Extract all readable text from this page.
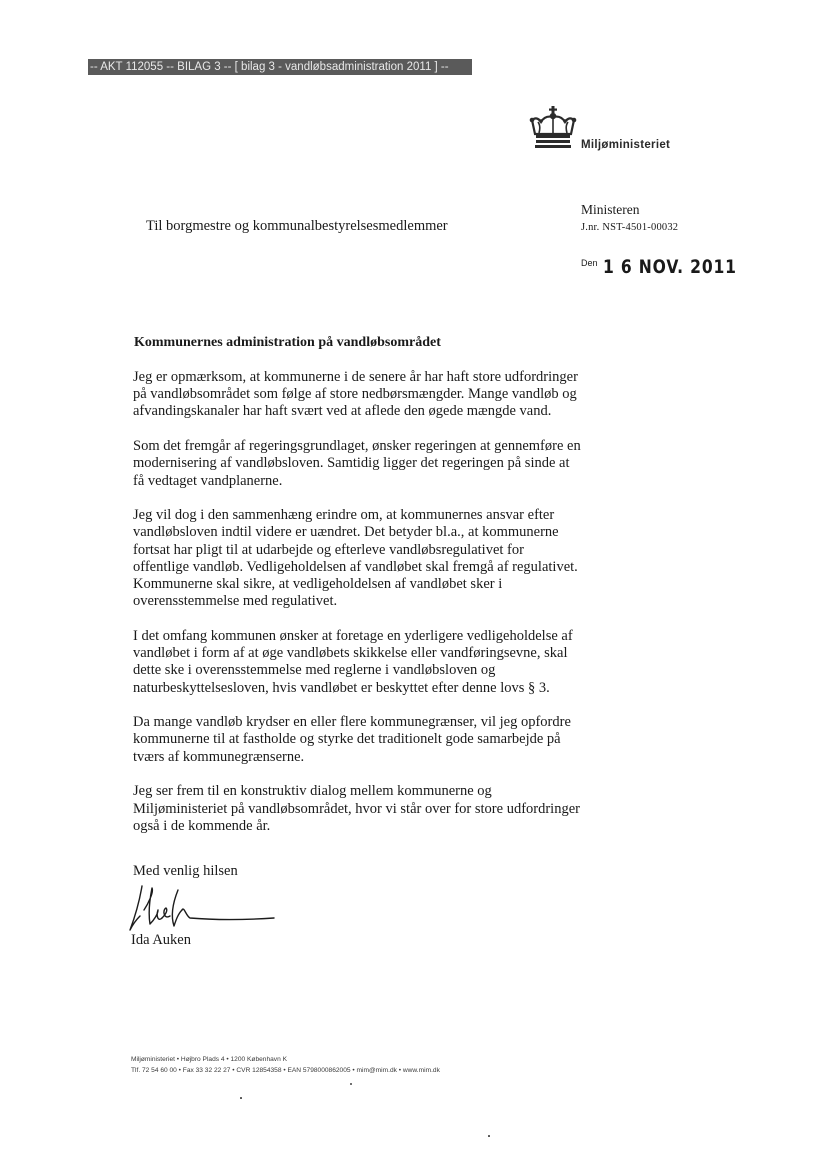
-- AKT 112055 -- BILAG 3 -- [ bilag 3 - vandløbsadministration 2011 ] --
Miljøministeriet
Til borgmestre og kommunalbestyrelsesmedlemmer
Ministeren
J.nr. NST-4501-00032
$^{Den}$ 1 6 NOV. 2011
Kommunernes administration på vandløbsområdet

Jeg er opmærksom, at kommunerne i de senere år har haft store udfordringer
på vandløbsområdet som følge af store nedbørsmængder. Mange vandløb og
afvandingskanaler har haft svært ved at aflede den øgede mængde vand.

Som det fremgår af regeringsgrundlaget, ønsker regeringen at gennemføre en
modernisering af vandløbsloven. Samtidig ligger det regeringen på sinde at
få vedtaget vandplanerne.

Jeg vil dog i den sammenhæng erindre om, at kommunernes ansvar efter
vandløbsloven indtil videre er uændret. Det betyder bl.a., at kommunerne
fortsat har pligt til at udarbejde og efterleve vandløbsregulativet for
offentlige vandløb. Vedligeholdelsen af vandløbet skal fremgå af regulativet.
Kommunerne skal sikre, at vedligeholdelsen af vandløbet sker i
overensstemmelse med regulativet.

I det omfang kommunen ønsker at foretage en yderligere vedligeholdelse af
vandløbet i form af at øge vandløbets skikkelse eller vandføringsevne, skal
dette ske i overensstemmelse med reglerne i vandløbsloven og
naturbeskyttelsesloven, hvis vandløbet er beskyttet efter denne lovs § 3.

Da mange vandløb krydser en eller flere kommunegrænser, vil jeg opfordre
kommunerne til at fastholde og styrke det traditionelt gode samarbejde på
tværs af kommunegrænserne.

Jeg ser frem til en konstruktiv dialog mellem kommunerne og
Miljøministeriet på vandløbsområdet, hvor vi står over for store udfordringer
også i de kommende år.

Med venlig hilsen
Ida Auken
Miljøministeriet • Højbro Plads 4 • 1200 København K
Tlf. 72 54 60 00 • Fax 33 32 22 27 • CVR 12854358 • EAN 5798000862005 • mim@mim.dk • www.mim.dk
